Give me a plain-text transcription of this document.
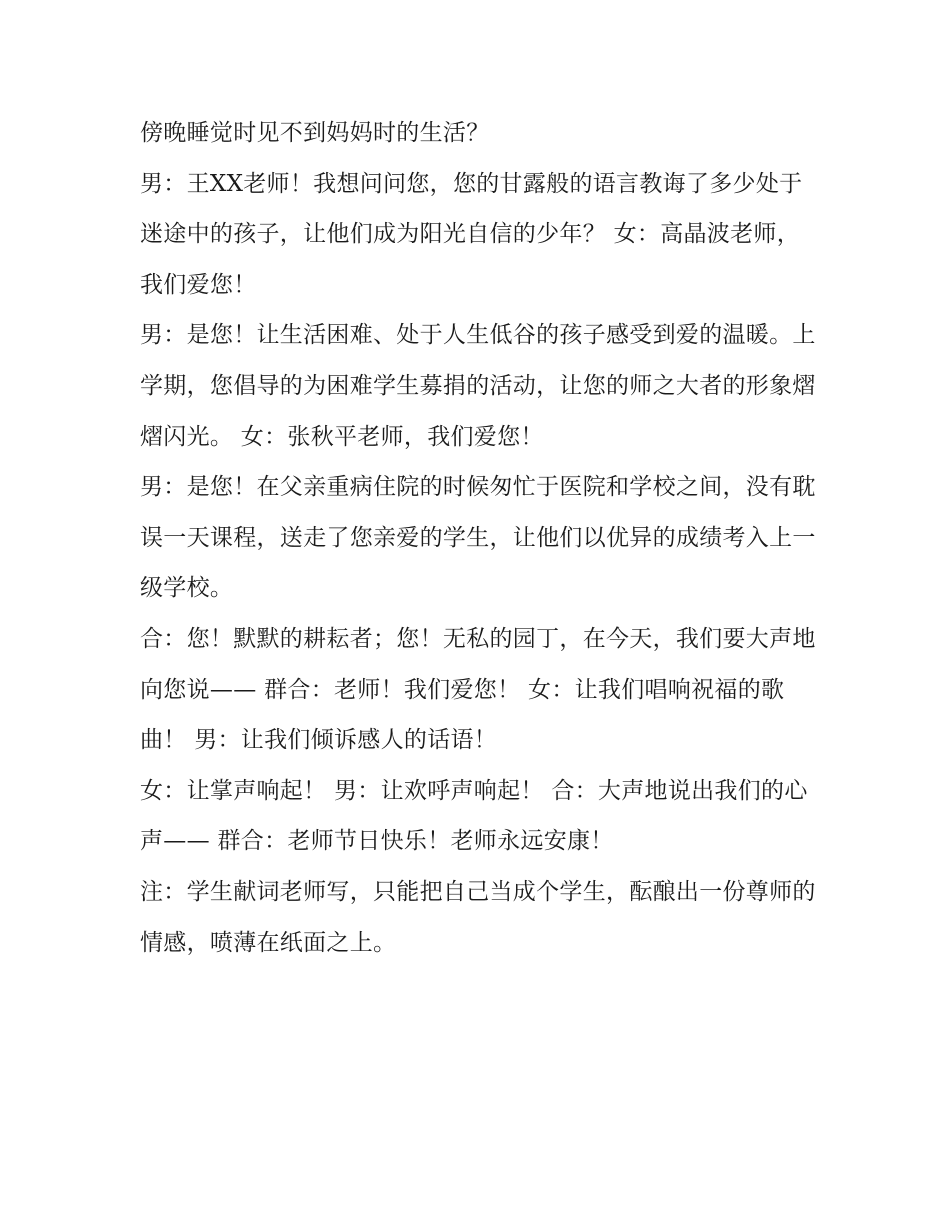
傍晚睡觉时见不到妈妈时的生活？

男：王XX老师！我想问问您，您的甘露般的语言教诲了多少处于迷途中的孩子，让他们成为阳光自信的少年？ 女：高晶波老师，我们爱您！

男：是您！让生活困难、处于人生低谷的孩子感受到爱的温暖。上学期，您倡导的为困难学生募捐的活动，让您的师之大者的形象熠熠闪光。 女：张秋平老师，我们爱您！

男：是您！在父亲重病住院的时候匆忙于医院和学校之间，没有耽误一天课程，送走了您亲爱的学生，让他们以优异的成绩考入上一级学校。

合：您！默默的耕耘者；您！无私的园丁，在今天，我们要大声地向您说—— 群合：老师！我们爱您！ 女：让我们唱响祝福的歌曲！ 男：让我们倾诉感人的话语！

女：让掌声响起！ 男：让欢呼声响起！ 合：大声地说出我们的心声—— 群合：老师节日快乐！老师永远安康！

注：学生献词老师写，只能把自己当成个学生，酝酿出一份尊师的情感，喷薄在纸面之上。
